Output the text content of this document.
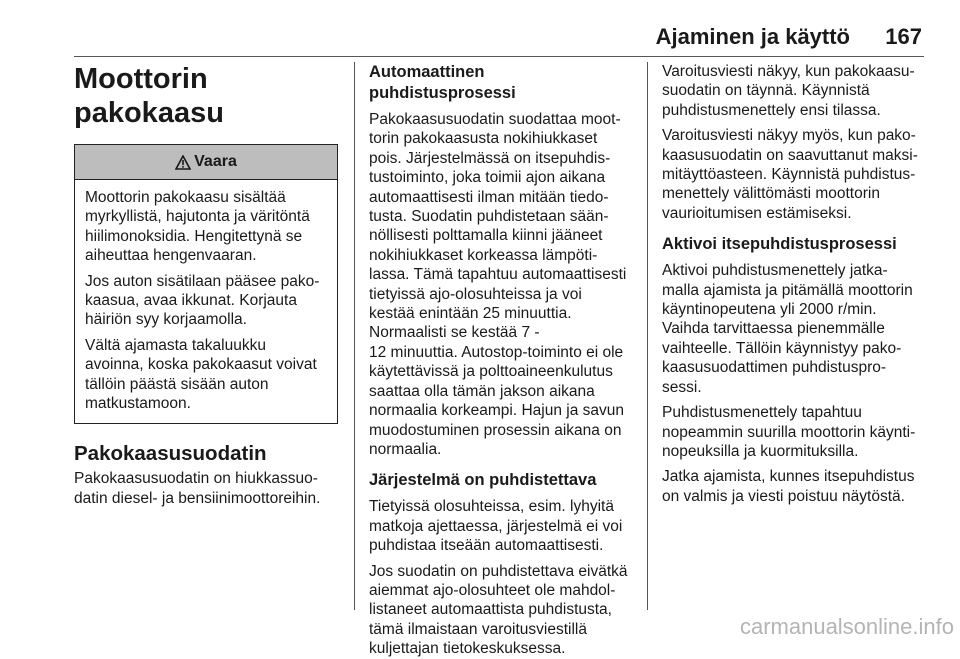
Ajaminen ja käyttö 167
Moottorin pakokaasu
Vaara

Moottorin pakokaasu sisältää
myrkyllistä, hajutonta ja väritöntä
hiilimonoksidia. Hengitettynä se
aiheuttaa hengenvaaran.

Jos auton sisätilaan pääsee pako-
kaasua, avaa ikkunat. Korjauta
häiriön syy korjaamolla.

Vältä ajamasta takaluukku
avoinna, koska pakokaasut voivat
tällöin päästä sisään auton
matkustamoon.

Pakokaasusuodatin

Pakokaasusuodatin on hiukkassuo-
datin diesel- ja bensiinimoottoreihin.

Automaattinen puhdistusprosessi

Pakokaasusuodatin suodattaa moot-
torin pakokaasusta nokihiukkaset
pois. Järjestelmässä on itsepuhdis-
tustoiminto, joka toimii ajon aikana
automaattisesti ilman mitään tiedo-
tusta. Suodatin puhdistetaan sään-
nöllisesti polttamalla kiinni jääneet
nokihiukkaset korkeassa lämpöti-
lassa. Tämä tapahtuu automaattisesti
tietyissä ajo-olosuhteissa ja voi
kestää enintään 25 minuuttia.
Normaalisti se kestää 7 -
12 minuuttia. Autostop-toiminto ei ole
käytettävissä ja polttoaineenkulutus
saattaa olla tämän jakson aikana
normaalia korkeampi. Hajun ja savun
muodostuminen prosessin aikana on
normaalia.

Järjestelmä on puhdistettava

Tietyissä olosuhteissa, esim. lyhyitä
matkoja ajettaessa, järjestelmä ei voi
puhdistaa itseään automaattisesti.

Jos suodatin on puhdistettava eivätkä
aiemmat ajo-olosuhteet ole mahdol-
listaneet automaattista puhdistusta,
tämä ilmaistaan varoitusviestillä
kuljettajan tietokeskuksessa.

Varoitusviesti näkyy, kun pakokaasu-
suodatin on täynnä. Käynnistä
puhdistusmenettely ensi tilassa.

Varoitusviesti näkyy myös, kun pako-
kaasusuodatin on saavuttanut maksi-
mitäyttöasteen. Käynnistä puhdistus-
menettely välittömästi moottorin
vaurioitumisen estämiseksi.

Aktivoi itsepuhdistusprosessi

Aktivoi puhdistusmenettely jatka-
malla ajamista ja pitämällä moottorin
käyntinopeutena yli 2000 r/min.
Vaihda tarvittaessa pienemmälle
vaihteelle. Tällöin käynnistyy pako-
kaasusuodattimen puhdistuspro-
sessi.

Puhdistusmenettely tapahtuu
nopeammin suurilla moottorin käynti-
nopeuksilla ja kuormituksilla.

Jatka ajamista, kunnes itsepuhdistus
on valmis ja viesti poistuu näytöstä.

carmanualsonline.info
